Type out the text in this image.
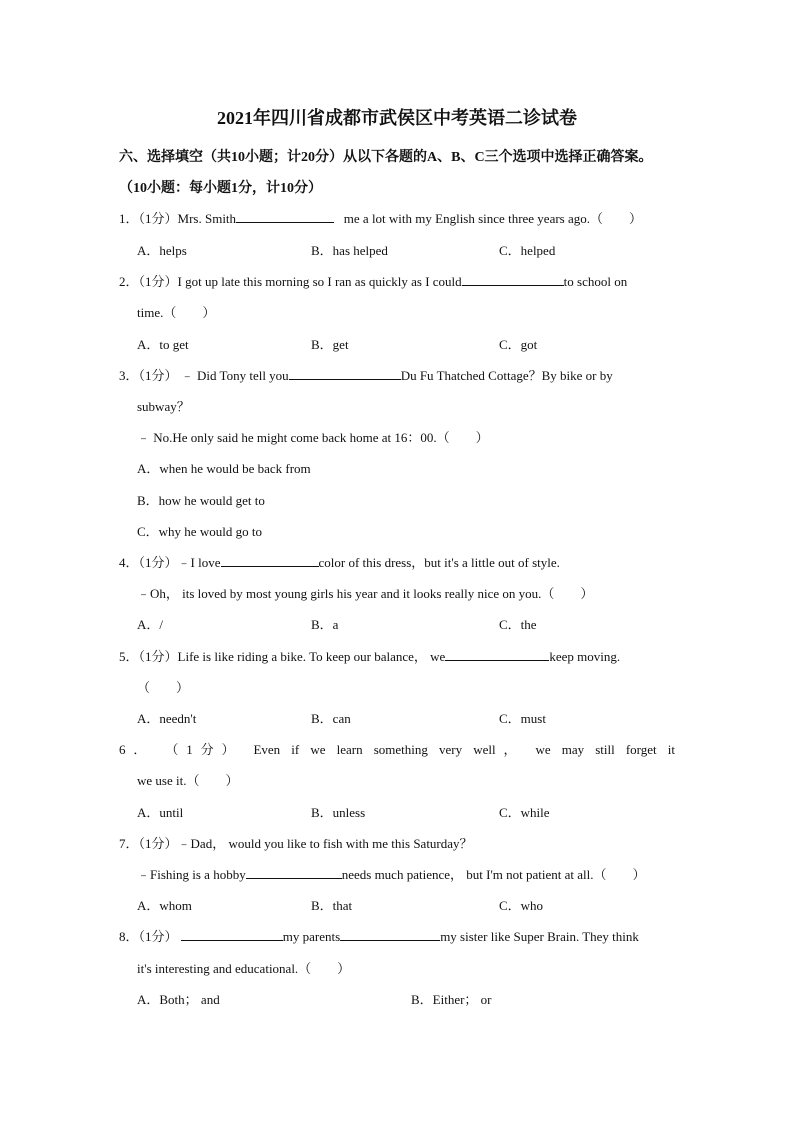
2021年四川省成都市武侯区中考英语二诊试卷
六、选择填空（共10小题；计20分）从以下各题的A、B、C三个选项中选择正确答案。
（10小题：每小题1分，计10分）
1．（1分）Mrs. Smith	me a lot with my English since three years ago.（　　）
A．helps	B．has helped	C．helped
2．（1分）I got up late this morning so I ran as quickly as I could	to school on
time.（　　）
A．to get	B．get	C．got
3．（1分） ﹣ Did Tony tell you	Du Fu Thatched Cottage？By bike or by
subway？
﹣ No.He only said he might come back home at 16：00.（　　）
A．when he would be back from
B．how he would get to
C．why he would go to
4．（1分）﹣I love	color of this dress，but it's a little out of style.
﹣Oh， its loved by most young girls his year and it looks really nice on you.（　　）
A．/	B．a	C．the
5．（1分）Life is like riding a bike. To keep our balance， we	keep moving.
（　　）
A．needn't	B．can	C．must
6． （1分） Even if we learn something very well， we may still forget it
we use it.（　　）
A．until	B．unless	C．while
7．（1分）﹣Dad， would you like to fish with me this Saturday？
﹣Fishing is a hobby	needs much patience， but I'm not patient at all.（　　）
A．whom	B．that	C．who
8．（1分）	my parents	my sister like Super Brain. They think
it's interesting and educational.（　　）
A．Both； and	B．Either； or
